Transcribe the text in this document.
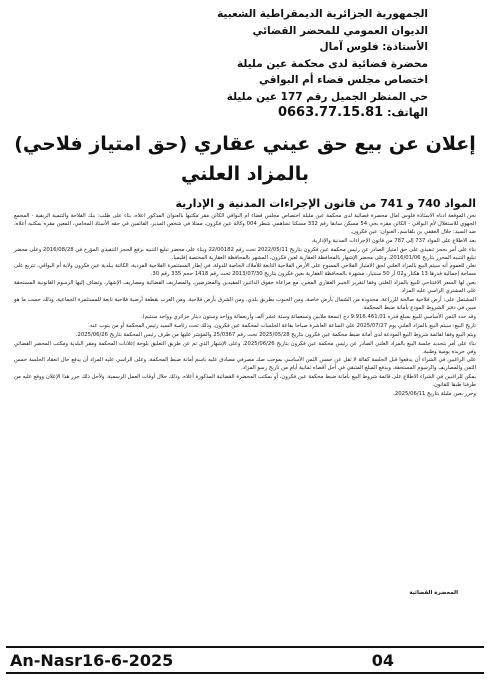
الجمهورية الجزائرية الديمقراطية الشعبية
الديوان العمومي للمحضر القضائي
الأستاذة: فلوس آمال
محضرة قضائية لدى محكمة عين مليلة
اختصاص مجلس قضاء أم البواقي
حي المنظر الجميل رقم 177 عين مليلة
الهاتف: 0663.77.15.81
إعلان عن بيع حق عيني عقاري (حق امتياز فلاحي)
بالمزاد العلني
المواد 740 و 741 من قانون الإجراءات المدنية و الإدارية

نحن الموقعة أدناه الأستاذة فلوس آمال محضرة قضائية لدى محكمة عين مليلة اختصاص مجلس قضاء أم البواقي الكائن مقر مكتبها بالعنوان المذكور أعلاه، بناء على طلب: بنك الفلاحة والتنمية الريفية - المجمع الجهوي للاستغلال لأم البواقي - الكائن مقره بحي 54 مسكن سابقا رقم 332 مسكنا تساهمي شطر 004 وكالة عين فكرون، ممثلا في شخص المدير، القائمين في حقه الأستاذ المحامي، المعين مقره بمكتبه أعلاه، ضد السيد: جلال العقفي بن بلقاسم، العنوان: عين فكرون.

بعد الاطلاع على المواد 737 إلى 787 من قانون الإجراءات المدنية والإدارية،

بناء على أمر بحجز تنفيذي على حق امتياز الصادر عن رئيس محكمة عين فكرون بتاريخ 2022/05/11 تحت رقم 22/00182 وبناء على محضر تبليغ التنبيه برفع الحجز التنفيذي المؤرخ في 2016/08/28 وعلى محضر تبليغ التنبيه المحرر بتاريخ 2016/01/06، وعلى محضر الإشهار بالمحافظة العقارية لعين فكرون، المشهر بالمحافظة العقارية المختصة إقليميا.

نعلن للعموم أنه سيتم البيع بالمزاد العلني لحق الامتياز الفلاحي الممنوح على الأرض الفلاحية التابعة للأملاك الخاصة للدولة، في إطار المستثمرة الفلاحية الفردية، الكائنة ببلدية عين فكرون ولاية أم البواقي، تتربع على مساحة إجمالية قدرها 13 هكتار و02 آر 50 سنتيار، مشهرة بالمحافظة العقارية بعين فكرون بتاريخ 2013/07/30 تحت رقم 1418 حجم 335 رقم 30.

يعين لها السعر الافتتاحي للبيع بالمزاد العلني وفقا لتقرير الخبير العقاري المعين، مع مراعاة حقوق الدائنين المقيدين والمعترضين، والمصاريف القضائية ومصاريف الإشهار، وتضاف إليها الرسوم القانونية المستحقة على المشتري الراسي عليه المزاد.

المشتمل على: أرض فلاحية صالحة للزراعة، محدودة من الشمال بأرض خاصة، ومن الجنوب بطريق بلدي، ومن الشرق بأرض فلاحية، ومن الغرب بقطعة أرضية فلاحية تابعة للمستثمرة الجماعية، وذلك حسب ما هو مبين في دفتر الشروط المودع بأمانة ضبط المحكمة.

وقد حدد الثمن الأساسي للبيع بمبلغ قدره 9.916.461,01 دج (تسعة ملايين وتسعمائة وستة عشر ألف وأربعمائة وواحد وستون دينار جزائري وواحد سنتيم).

تاريخ البيع: سيتم البيع بالمزاد العلني يوم 2025/07/27 على الساعة العاشرة صباحا بقاعة الجلسات لمحكمة عين فكرون، وذلك تحت رئاسة السيد رئيس المحكمة أو من ينوب عنه.

ويتم البيع وفقا لقائمة شروط البيع المودعة لدى أمانة ضبط محكمة عين فكرون بتاريخ 2025/05/28 تحت رقم 25/0367 والمؤشر عليها من طرف رئيس المحكمة بتاريخ 2025/06/26.

بناء على أمر بتحديد جلسة البيع بالمزاد العلني الصادر عن رئيس محكمة عين فكرون بتاريخ 2025/06/26، وعلى الإشهار الذي تم عن طريق التعليق بلوحة إعلانات المحكمة ومقر البلدية ومكتب المحضر القضائي وفي جريدة يومية وطنية.

على الراغبين في الشراء أن يدفعوا قبل الجلسة كفالة لا تقل عن خمس الثمن الأساسي بموجب صك مصرفي مصادق عليه باسم أمانة ضبط المحكمة، وعلى الراسي عليه المزاد أن يدفع حال انعقاد الجلسة خمس الثمن والمصاريف والرسوم المستحقة، ويدفع المبلغ المتبقي في أجل أقصاه ثمانية أيام من تاريخ رسو المزاد.

يمكن للراغبين في الشراء الاطلاع على قائمة شروط البيع بأمانة ضبط محكمة عين فكرون، أو بمكتب المحضرة القضائية المذكورة أعلاه، وذلك خلال أوقات العمل الرسمية. ولأجل ذلك حرر هذا الإعلان ووقع عليه من طرفنا طبقا للقانون.

وحرر بعين مليلة بتاريخ 2025/06/11.

المحضرة القضائية
An-Nasr16-6-2025	04
